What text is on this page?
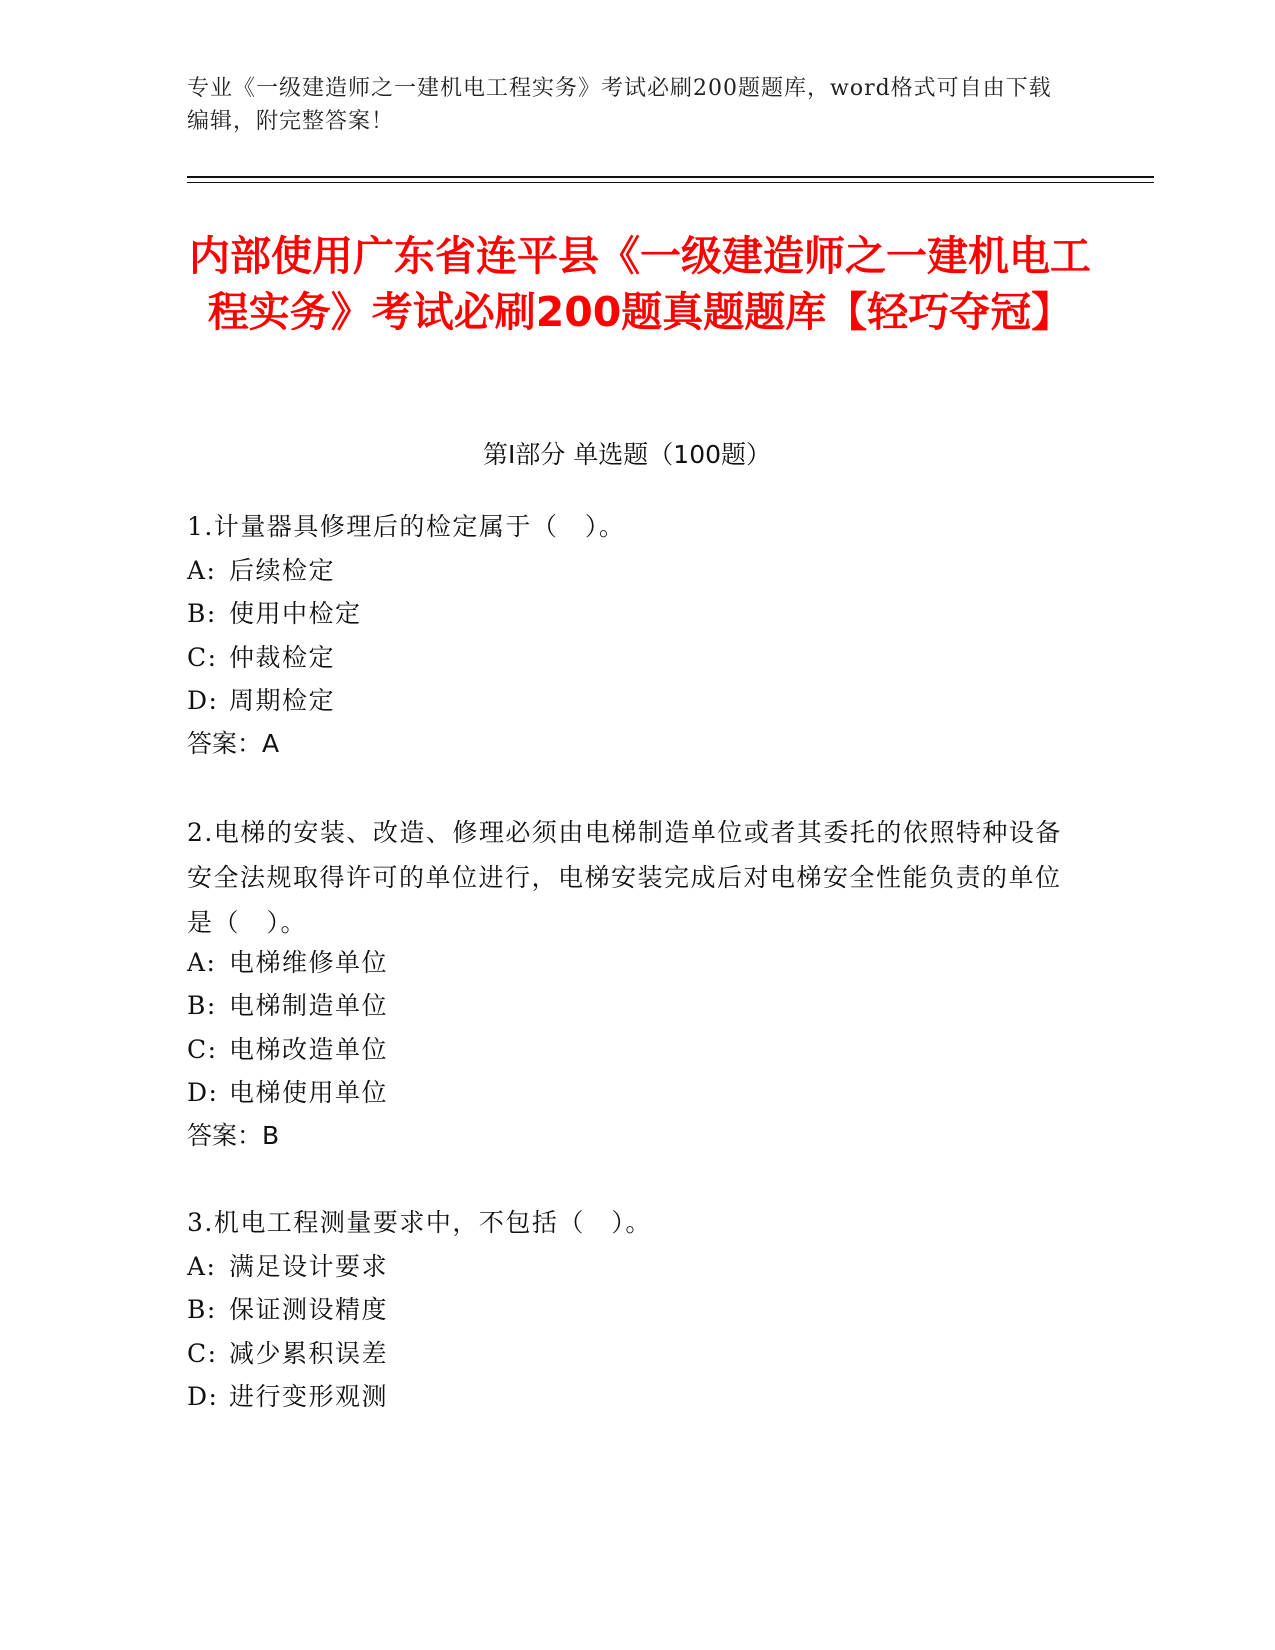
专业《一级建造师之一建机电工程实务》考试必刷200题题库，word格式可自由下载编辑，附完整答案！
内部使用广东省连平县《一级建造师之一建机电工程实务》考试必刷200题真题题库【轻巧夺冠】
第I部分 单选题（100题）
1.计量器具修理后的检定属于（　）。
A: 后续检定
B: 使用中检定
C: 仲裁检定
D: 周期检定
答案：A
2.电梯的安装、改造、修理必须由电梯制造单位或者其委托的依照特种设备安全法规取得许可的单位进行，电梯安装完成后对电梯安全性能负责的单位是（　）。
A: 电梯维修单位
B: 电梯制造单位
C: 电梯改造单位
D: 电梯使用单位
答案：B
3.机电工程测量要求中，不包括（　）。
A: 满足设计要求
B: 保证测设精度
C: 减少累积误差
D: 进行变形观测
